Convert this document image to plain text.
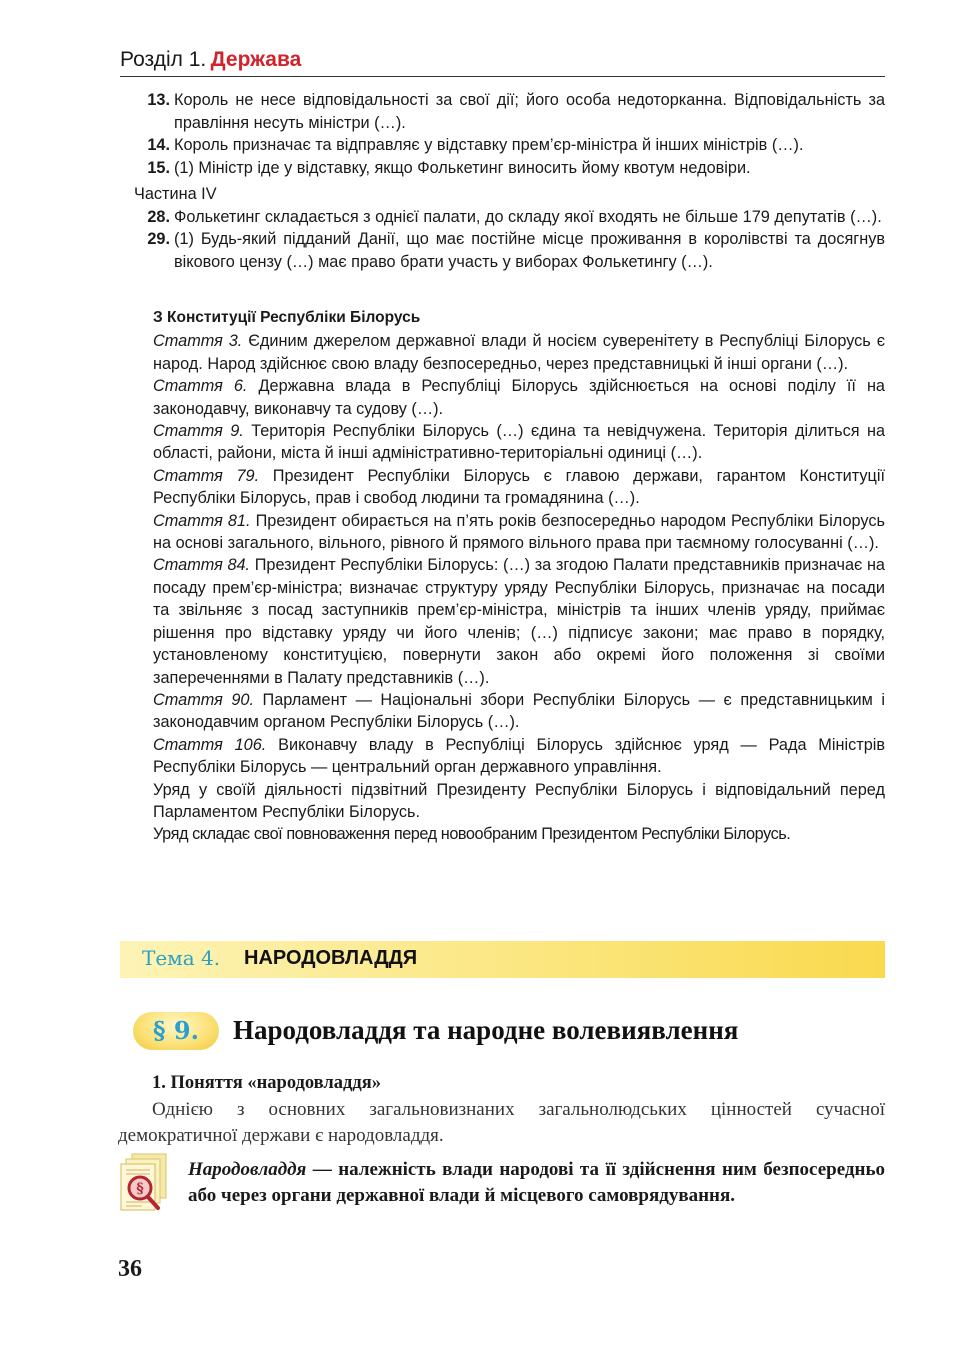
Розділ 1. Держава
13. Король не несе відповідальності за свої дії; його особа недоторканна. Відповідальність за правління несуть міністри (…).
14. Король призначає та відправляє у відставку прем’єр-міністра й інших міністрів (…).
15. (1) Міністр іде у відставку, якщо Фолькетинг виносить йому квотум недовіри.
Частина IV
28. Фолькетинг складається з однієї палати, до складу якої входять не більше 179 депутатів (…).
29. (1) Будь-який підданий Данії, що має постійне місце проживання в королівстві та досягнув вікового цензу (…) має право брати участь у виборах Фолькетингу (…).

З Конституції Республіки Білорусь

Стаття 3. Єдиним джерелом державної влади й носієм суверенітету в Республіці Білорусь є народ. Народ здійснює свою владу безпосередньо, через представницькі й інші органи (…).

Стаття 6. Державна влада в Республіці Білорусь здійснюється на основі поділу її на законодавчу, виконавчу та судову (…).

Стаття 9. Територія Республіки Білорусь (…) єдина та невідчужена. Територія ділиться на області, райони, міста й інші адміністративно-територіальні одиниці (…).

Стаття 79. Президент Республіки Білорусь є главою держави, гарантом Конституції Республіки Білорусь, прав і свобод людини та громадянина (…).

Стаття 81. Президент обирається на п’ять років безпосередньо народом Республіки Білорусь на основі загального, вільного, рівного й прямого вільного права при таємному голосуванні (…).

Стаття 84. Президент Республіки Білорусь: (…) за згодою Палати представників призначає на посаду прем’єр-міністра; визначає структуру уряду Республіки Білорусь, призначає на посади та звільняє з посад заступників прем’єр-міністра, міністрів та інших членів уряду, приймає рішення про відставку уряду чи його членів; (…) підписує закони; має право в порядку, установленому конституцією, повернути закон або окремі його положення зі своїми запереченнями в Палату представників (…).

Стаття 90. Парламент — Національні збори Республіки Білорусь — є представницьким і законодавчим органом Республіки Білорусь (…).

Стаття 106. Виконавчу владу в Республіці Білорусь здійснює уряд — Рада Міністрів Республіки Білорусь — центральний орган державного управління.

Уряд у своїй діяльності підзвітний Президенту Республіки Білорусь і відповідальний перед Парламентом Республіки Білорусь.

Уряд складає свої повноваження перед новообраним Президентом Республіки Білорусь.

Тема 4. НАРОДОВЛАДДЯ
§ 9.	Народовладдя та народне волевиявлення
1. Поняття «народовладдя»
Однією з основних загальновизнаних загальнолюдських цінностей сучасної демократичної держави є народовладдя.
§
Народовладдя — належність влади народові та її здійснення ним безпосередньо або через органи державної влади й місцевого самоврядування.
36
